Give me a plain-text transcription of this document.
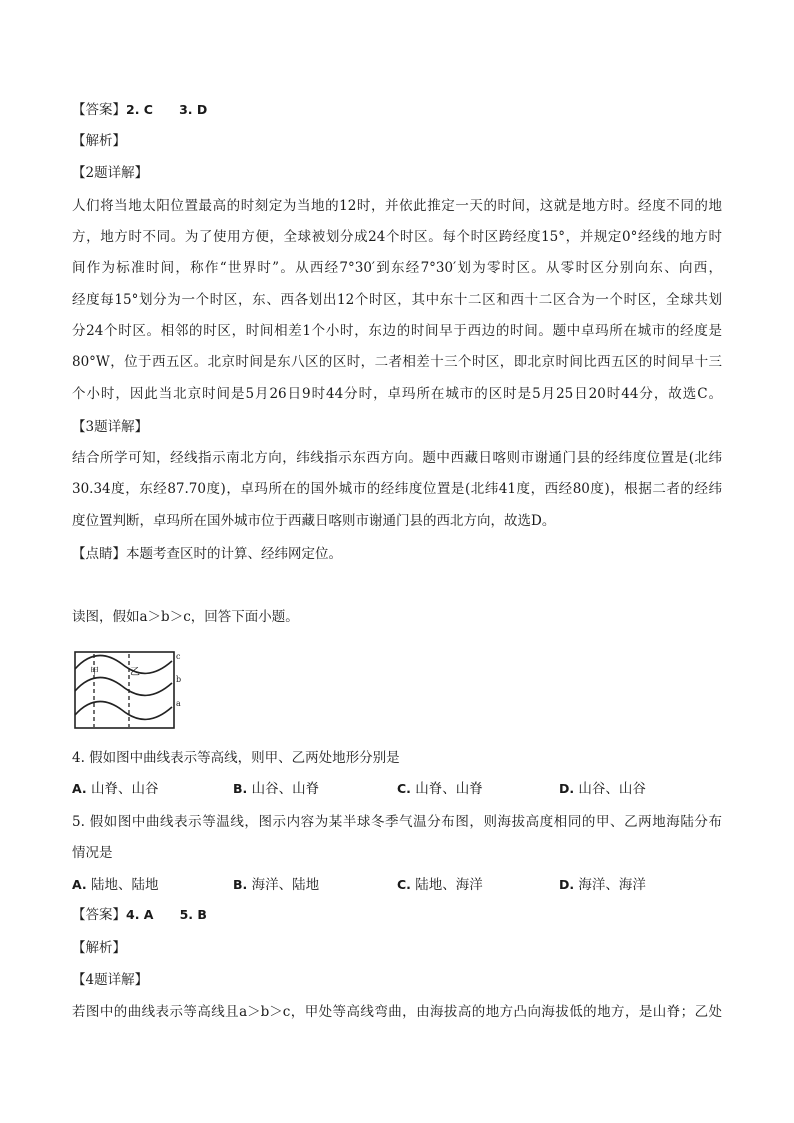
【答案】2. C      3. D
【解析】
【2题详解】
人们将当地太阳位置最高的时刻定为当地的12时，并依此推定一天的时间，这就是地方时。经度不同的地
方，地方时不同。为了使用方便，全球被划分成24个时区。每个时区跨经度15°，并规定0°经线的地方时
间作为标准时间，称作“世界时”。从西经7°30′到东经7°30′划为零时区。从零时区分别向东、向西，
经度每15°划分为一个时区，东、西各划出12个时区，其中东十二区和西十二区合为一个时区，全球共划
分24个时区。相邻的时区，时间相差1个小时，东边的时间早于西边的时间。题中卓玛所在城市的经度是
80°W，位于西五区。北京时间是东八区的区时，二者相差十三个时区，即北京时间比西五区的时间早十三
个小时，因此当北京时间是5月26日9时44分时，卓玛所在城市的区时是5月25日20时44分，故选C。
【3题详解】
结合所学可知，经线指示南北方向，纬线指示东西方向。题中西藏日喀则市谢通门县的经纬度位置是(北纬
30.34度，东经87.70度)，卓玛所在的国外城市的经纬度位置是(北纬41度，西经80度)，根据二者的经纬
度位置判断，卓玛所在国外城市位于西藏日喀则市谢通门县的西北方向，故选D。
【点睛】本题考查区时的计算、经纬网定位。
读图，假如a＞b＞c，回答下面小题。
甲	乙
c
b
a
4. 假如图中曲线表示等高线，则甲、乙两处地形分别是
A. 山脊、山谷	B. 山谷、山脊	C. 山脊、山脊	D. 山谷、山谷
5. 假如图中曲线表示等温线，图示内容为某半球冬季气温分布图，则海拔高度相同的甲、乙两地海陆分布
情况是
A. 陆地、陆地	B. 海洋、陆地	C. 陆地、海洋	D. 海洋、海洋
【答案】4. A      5. B
【解析】
【4题详解】
若图中的曲线表示等高线且a＞b＞c，甲处等高线弯曲，由海拔高的地方凸向海拔低的地方，是山脊；乙处
